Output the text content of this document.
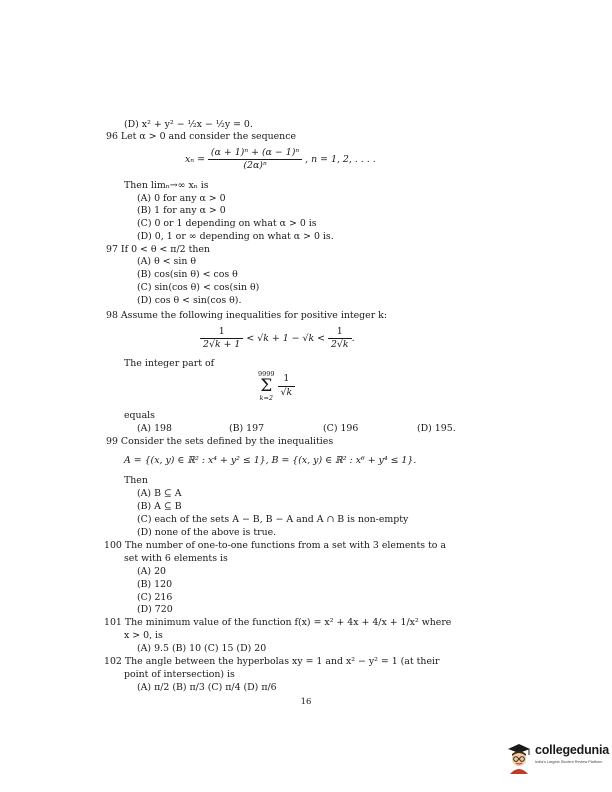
(D) x² + y² − ½x − ½y = 0.
96 Let α > 0 and consider the sequence
$x_n = \frac{\text{(α + 1)ⁿ + (α − 1)ⁿ}}{\text{(2α)ⁿ}}$ , n = 1, 2, . . . .
Then limₙ→∞ xₙ is
(A) 0 for any α > 0
(B) 1 for any α > 0
(C) 0 or 1 depending on what α > 0 is
(D) 0, 1 or ∞ depending on what α > 0 is.
97 If 0 < θ < π/2 then
(A) θ < sin θ
(B) cos(sin θ) < cos θ
(C) sin(cos θ) < cos(sin θ)
(D) cos θ < sin(cos θ).
98 Assume the following inequalities for positive integer k:
$\frac{1}{2√k + 1} < √k + 1 - √k < \frac{1}{2√k}$ .
The integer part of
9999
Σ
$k=2 \frac{1}{√k}$
equals
(A) 198	(B) 197	(C) 196	(D) 195.
99 Consider the sets defined by the inequalities
A = {(x, y) ∈ ℝ² : x⁴ + y² ≤ 1}, B = {(x, y) ∈ ℝ² : x⁶ + y⁴ ≤ 1}.
Then
(A) B ⊆ A
(B) A ⊆ B
(C) each of the sets A − B, B − A and A ∩ B is non-empty
(D) none of the above is true.
100 The number of one-to-one functions from a set with 3 elements to a
set with 6 elements is
(A) 20
(B) 120
(C) 216
(D) 720
101 The minimum value of the function f(x) = x² + 4x + 4/x + 1/x² where
x > 0, is
(A) 9.5 (B) 10 (C) 15 (D) 20
102 The angle between the hyperbolas xy = 1 and x² − y² = 1 (at their
point of intersection) is
(A) π/2 (B) π/3 (C) π/4 (D) π/6
16
collegedunia
India's Largest Student Review Platform
